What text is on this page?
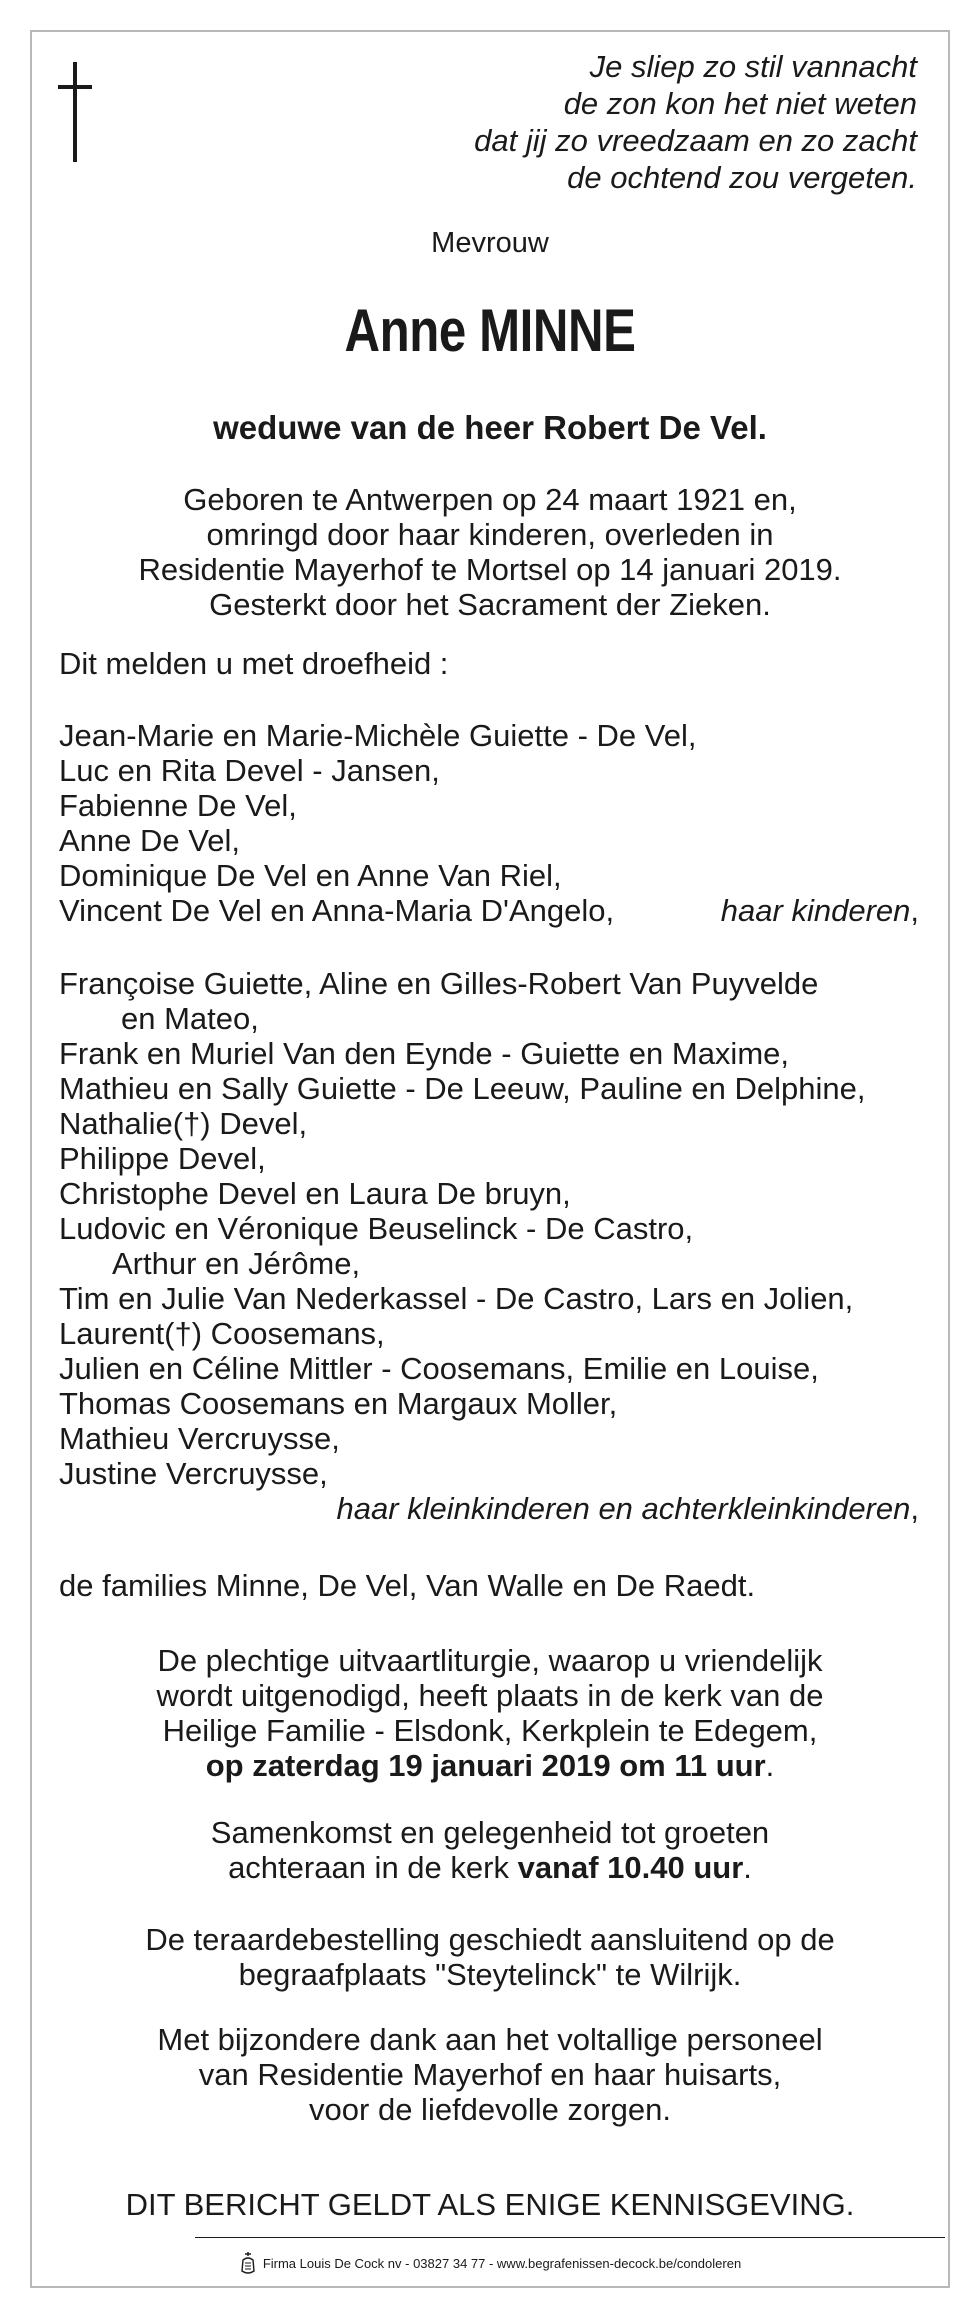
Je sliep zo stil vannacht
de zon kon het niet weten
dat jij zo vreedzaam en zo zacht
de ochtend zou vergeten.
Mevrouw
Anne MINNE
weduwe van de heer Robert De Vel.
Geboren te Antwerpen op 24 maart 1921 en,
omringd door haar kinderen, overleden in
Residentie Mayerhof te Mortsel op 14 januari 2019.
Gesterkt door het Sacrament der Zieken.
Dit melden u met droefheid :
Jean-Marie en Marie-Michèle Guiette - De Vel,
Luc en Rita Devel - Jansen,
Fabienne De Vel,
Anne De Vel,
Dominique De Vel en Anne Van Riel,
Vincent De Vel en Anna-Maria D'Angelo,	haar kinderen,
Françoise Guiette, Aline en Gilles-Robert Van Puyvelde
en Mateo,
Frank en Muriel Van den Eynde - Guiette en Maxime,
Mathieu en Sally Guiette - De Leeuw, Pauline en Delphine,
Nathalie(†) Devel,
Philippe Devel,
Christophe Devel en Laura De bruyn,
Ludovic en Véronique Beuselinck - De Castro,
Arthur en Jérôme,
Tim en Julie Van Nederkassel - De Castro, Lars en Jolien,
Laurent(†) Coosemans,
Julien en Céline Mittler - Coosemans, Emilie en Louise,
Thomas Coosemans en Margaux Moller,
Mathieu Vercruysse,
Justine Vercruysse,
haar kleinkinderen en achterkleinkinderen,
de families Minne, De Vel, Van Walle en De Raedt.
De plechtige uitvaartliturgie, waarop u vriendelijk
wordt uitgenodigd, heeft plaats in de kerk van de
Heilige Familie - Elsdonk, Kerkplein te Edegem,
op zaterdag 19 januari 2019 om 11 uur.
Samenkomst en gelegenheid tot groeten
achteraan in de kerk vanaf 10.40 uur.
De teraardebestelling geschiedt aansluitend op de
begraafplaats "Steytelinck" te Wilrijk.
Met bijzondere dank aan het voltallige personeel
van Residentie Mayerhof en haar huisarts,
voor de liefdevolle zorgen.
DIT BERICHT GELDT ALS ENIGE KENNISGEVING.
Firma Louis De Cock nv - 03827 34 77 - www.begrafenissen-decock.be/condoleren
